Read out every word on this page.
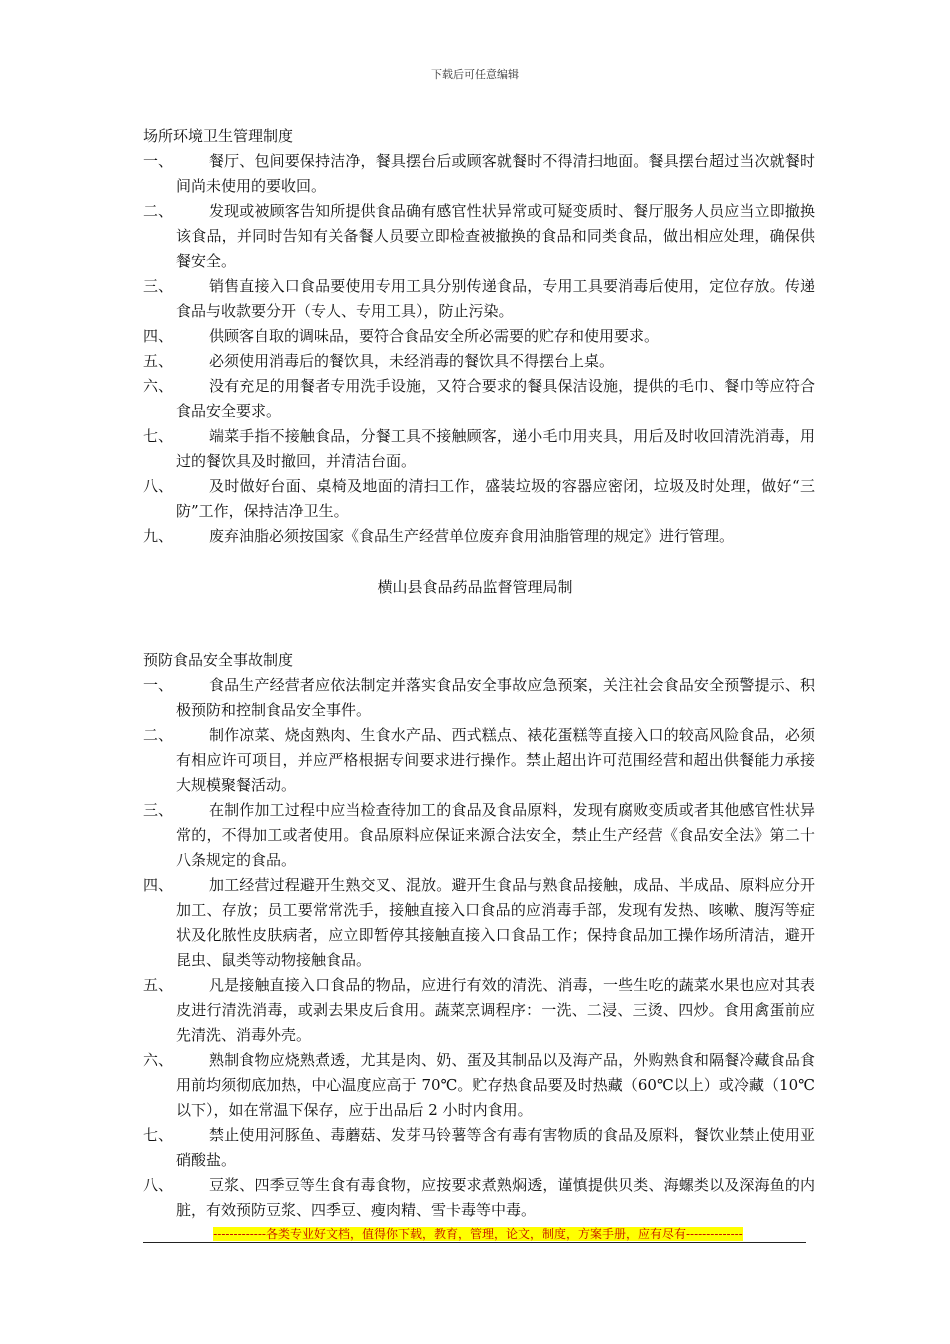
下载后可任意编辑
场所环境卫生管理制度
一、	餐厅、包间要保持洁净，餐具摆台后或顾客就餐时不得清扫地面。餐具摆台超过当次就餐时间尚未使用的要收回。
二、	发现或被顾客告知所提供食品确有感官性状异常或可疑变质时、餐厅服务人员应当立即撤换该食品，并同时告知有关备餐人员要立即检查被撤换的食品和同类食品，做出相应处理，确保供餐安全。
三、	销售直接入口食品要使用专用工具分别传递食品，专用工具要消毒后使用，定位存放。传递食品与收款要分开（专人、专用工具），防止污染。
四、	供顾客自取的调味品，要符合食品安全所必需要的贮存和使用要求。
五、	必须使用消毒后的餐饮具，未经消毒的餐饮具不得摆台上桌。
六、	没有充足的用餐者专用洗手设施，又符合要求的餐具保洁设施，提供的毛巾、餐巾等应符合食品安全要求。
七、	端菜手指不接触食品，分餐工具不接触顾客，递小毛巾用夹具，用后及时收回清洗消毒，用过的餐饮具及时撤回，并清洁台面。
八、	及时做好台面、桌椅及地面的清扫工作，盛装垃圾的容器应密闭，垃圾及时处理，做好“三防”工作，保持洁净卫生。
九、	废弃油脂必须按国家《食品生产经营单位废弃食用油脂管理的规定》进行管理。
横山县食品药品监督管理局制
预防食品安全事故制度
一、	食品生产经营者应依法制定并落实食品安全事故应急预案，关注社会食品安全预警提示、积极预防和控制食品安全事件。
二、	制作凉菜、烧卤熟肉、生食水产品、西式糕点、裱花蛋糕等直接入口的较高风险食品，必须有相应许可项目，并应严格根据专间要求进行操作。禁止超出许可范围经营和超出供餐能力承接大规模聚餐活动。
三、	在制作加工过程中应当检查待加工的食品及食品原料，发现有腐败变质或者其他感官性状异常的，不得加工或者使用。食品原料应保证来源合法安全，禁止生产经营《食品安全法》第二十八条规定的食品。
四、	加工经营过程避开生熟交叉、混放。避开生食品与熟食品接触，成品、半成品、原料应分开加工、存放；员工要常常洗手，接触直接入口食品的应消毒手部，发现有发热、咳嗽、腹泻等症状及化脓性皮肤病者，应立即暂停其接触直接入口食品工作；保持食品加工操作场所清洁，避开昆虫、鼠类等动物接触食品。
五、	凡是接触直接入口食品的物品，应进行有效的清洗、消毒，一些生吃的蔬菜水果也应对其表皮进行清洗消毒，或剥去果皮后食用。蔬菜烹调程序：一洗、二浸、三烫、四炒。食用禽蛋前应先清洗、消毒外壳。
六、	熟制食物应烧熟煮透，尤其是肉、奶、蛋及其制品以及海产品，外购熟食和隔餐冷藏食品食用前均须彻底加热，中心温度应高于 70℃。贮存热食品要及时热藏（60℃以上）或冷藏（10℃以下），如在常温下保存，应于出品后 2 小时内食用。
七、	禁止使用河豚鱼、毒蘑菇、发芽马铃薯等含有毒有害物质的食品及原料，餐饮业禁止使用亚硝酸盐。
八、	豆浆、四季豆等生食有毒食物，应按要求煮熟焖透，谨慎提供贝类、海螺类以及深海鱼的内脏，有效预防豆浆、四季豆、瘦肉精、雪卡毒等中毒。
-------------各类专业好文档，值得你下载，教育，管理，论文，制度，方案手册，应有尽有--------------
